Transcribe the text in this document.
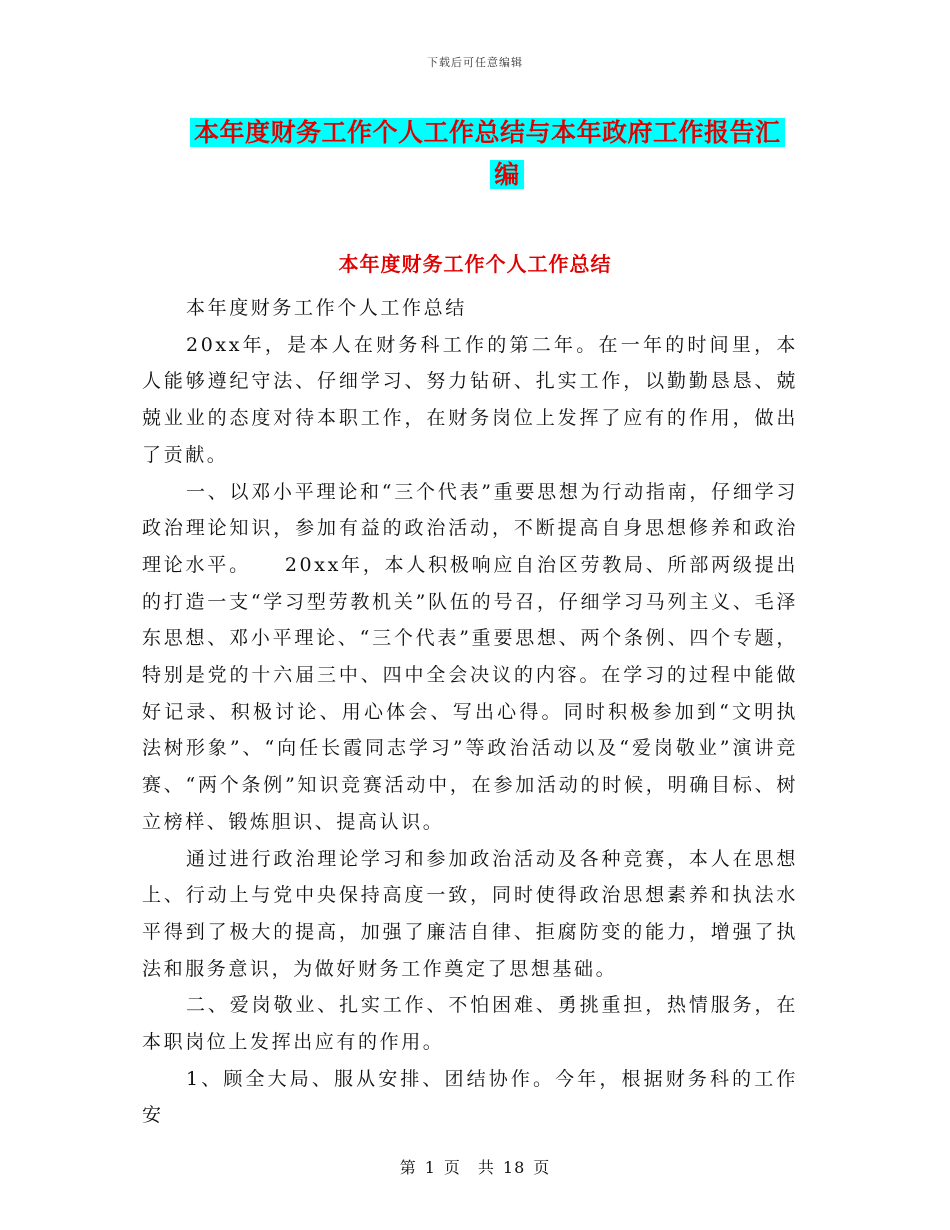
下载后可任意编辑
本年度财务工作个人工作总结与本年政府工作报告汇
编
本年度财务工作个人工作总结

本年度财务工作个人工作总结

20xx年，是本人在财务科工作的第二年。在一年的时间里，本人能够遵纪守法、仔细学习、努力钻研、扎实工作，以勤勤恳恳、兢兢业业的态度对待本职工作，在财务岗位上发挥了应有的作用，做出了贡献。

一、以邓小平理论和“三个代表”重要思想为行动指南，仔细学习政治理论知识，参加有益的政治活动，不断提高自身思想修养和政治理论水平。　　20xx年，本人积极响应自治区劳教局、所部两级提出的打造一支“学习型劳教机关”队伍的号召，仔细学习马列主义、毛泽东思想、邓小平理论、“三个代表”重要思想、两个条例、四个专题，特别是党的十六届三中、四中全会决议的内容。在学习的过程中能做好记录、积极讨论、用心体会、写出心得。同时积极参加到“文明执法树形象”、“向任长霞同志学习”等政治活动以及“爱岗敬业”演讲竞赛、“两个条例”知识竞赛活动中，在参加活动的时候，明确目标、树立榜样、锻炼胆识、提高认识。

通过进行政治理论学习和参加政治活动及各种竞赛，本人在思想上、行动上与党中央保持高度一致，同时使得政治思想素养和执法水平得到了极大的提高，加强了廉洁自律、拒腐防变的能力，增强了执法和服务意识，为做好财务工作奠定了思想基础。

二、爱岗敬业、扎实工作、不怕困难、勇挑重担，热情服务，在本职岗位上发挥出应有的作用。

1、顾全大局、服从安排、团结协作。今年，根据财务科的工作安

第 1 页　共 18 页
